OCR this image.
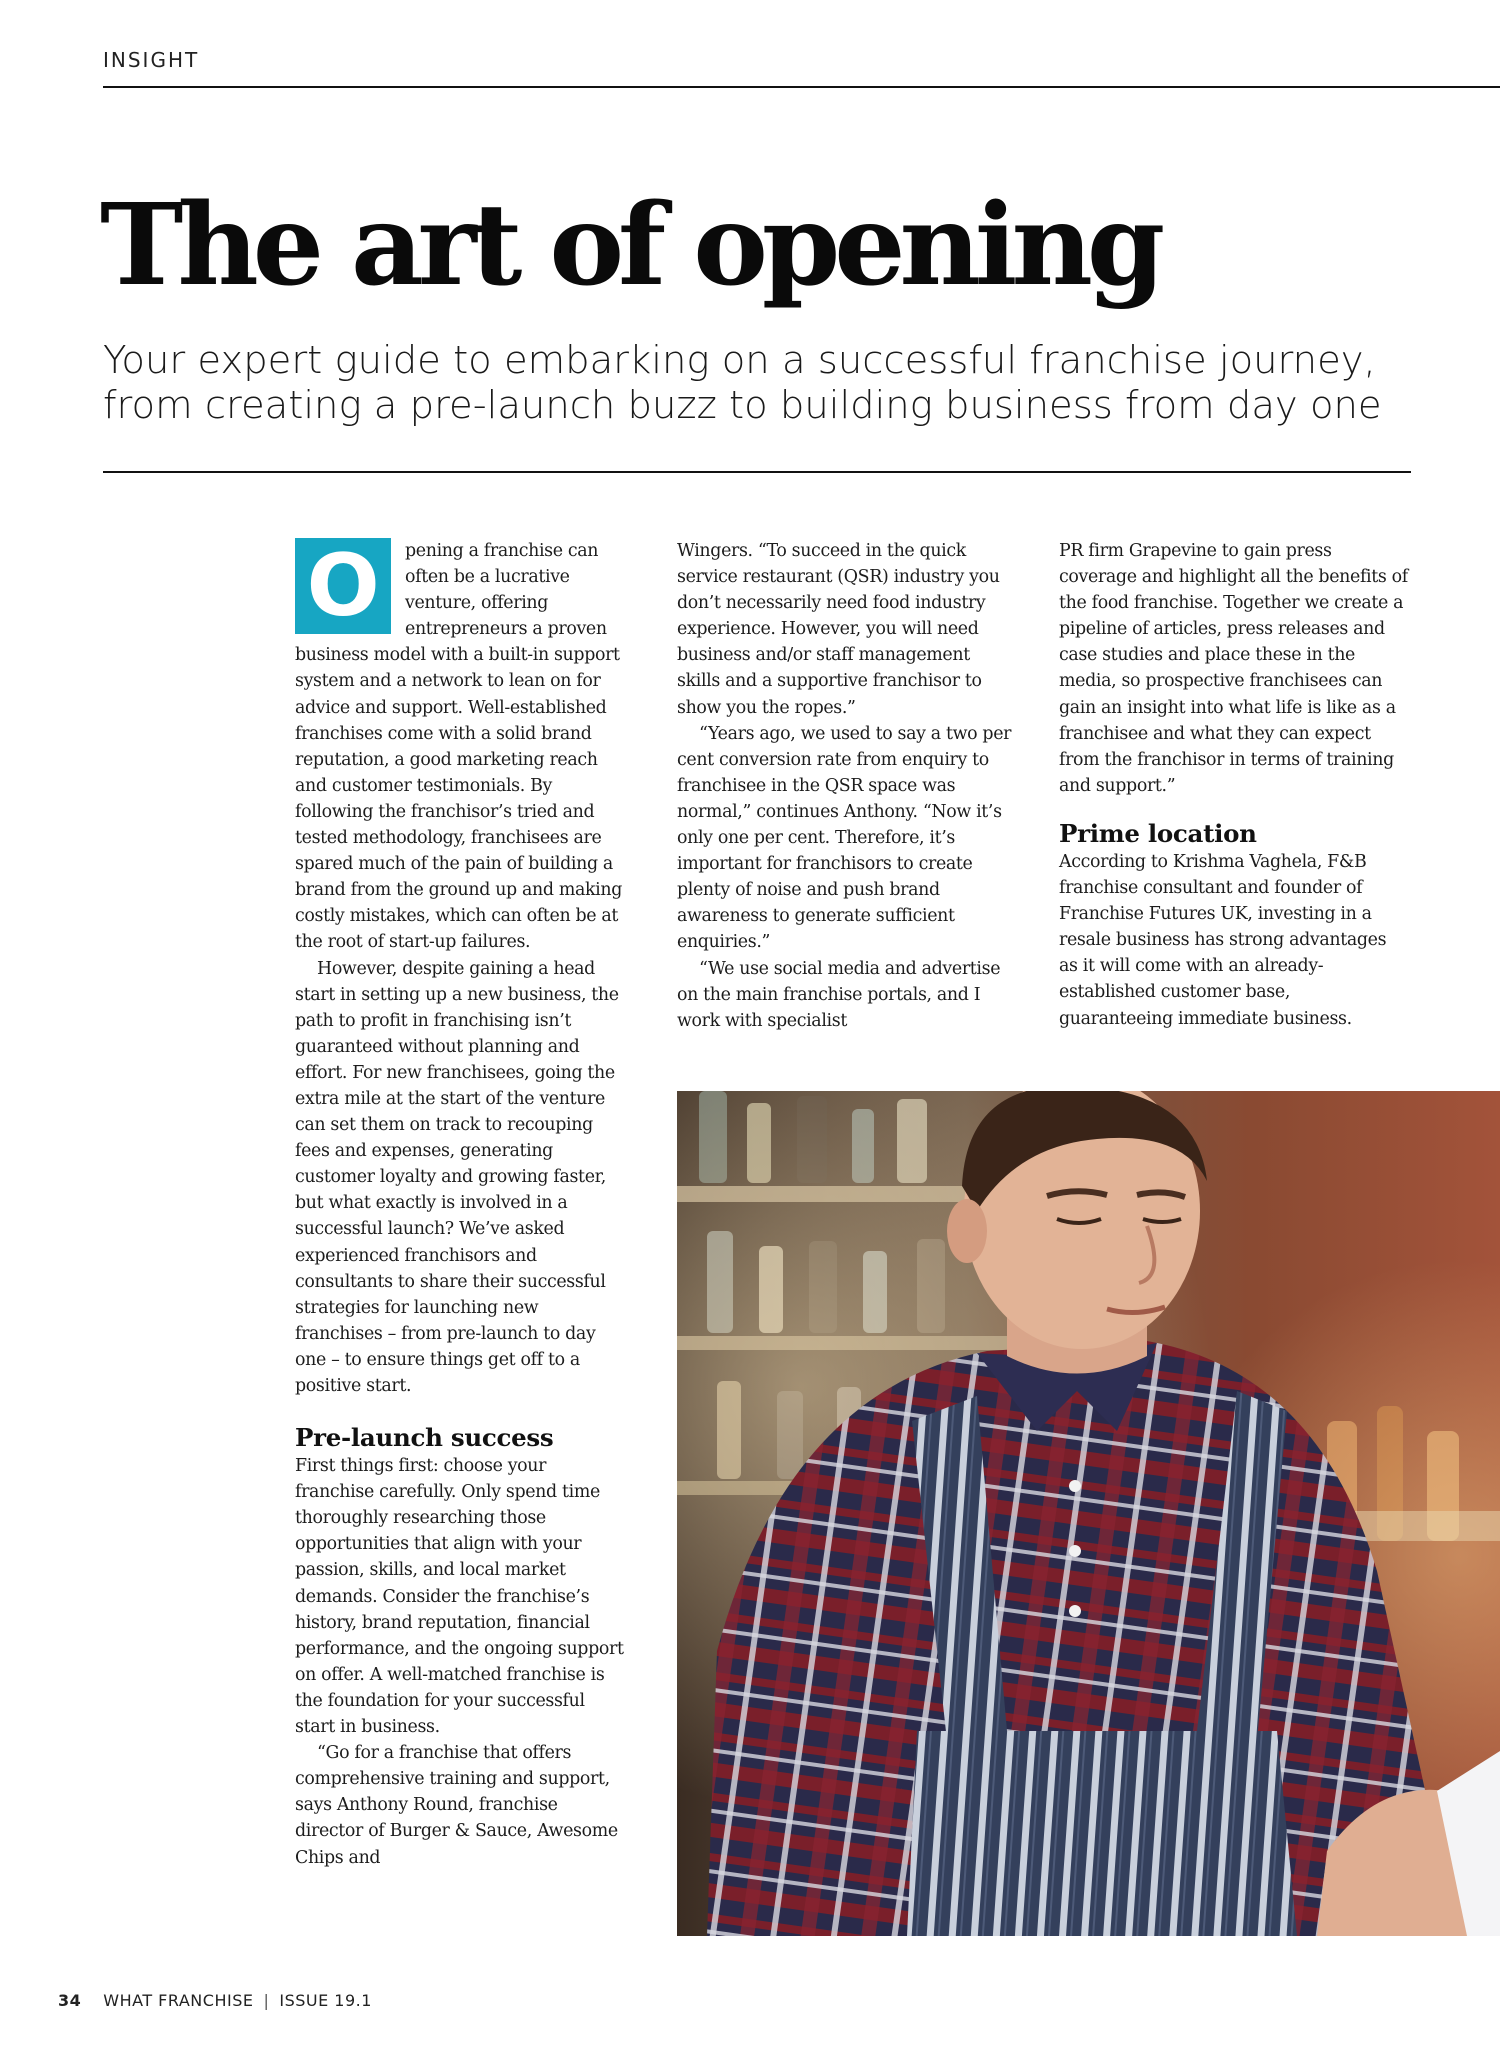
INSIGHT
The art of opening

Your expert guide to embarking on a successful franchise journey, from creating a pre-launch buzz to building business from day one

O	pening a franchise can often be a lucrative venture, offering entrepreneurs a proven business model with a built-in support system and a network to lean on for advice and support. Well-established franchises come with a solid brand reputation, a good marketing reach and customer testimonials. By following the franchisor’s tried and tested methodology, franchisees are spared much of the pain of building a brand from the ground up and making costly mistakes, which can often be at the root of start-up failures.

However, despite gaining a head start in setting up a new business, the path to profit in franchising isn’t guaranteed without planning and effort. For new franchisees, going the extra mile at the start of the venture can set them on track to recouping fees and expenses, generating customer loyalty and growing faster, but what exactly is involved in a successful launch? We’ve asked experienced franchisors and consultants to share their successful strategies for launching new franchises – from pre-launch to day one – to ensure things get off to a positive start.

Pre-launch success

First things first: choose your franchise carefully. Only spend time thoroughly researching those opportunities that align with your passion, skills, and local market demands. Consider the franchise’s history, brand reputation, financial performance, and the ongoing support on offer. A well-matched franchise is the foundation for your successful start in business.

“Go for a franchise that offers comprehensive training and support, says Anthony Round, franchise director of Burger & Sauce, Awesome Chips and

Wingers. “To succeed in the quick service restaurant (QSR) industry you don’t necessarily need food industry experience. However, you will need business and/or staff management skills and a supportive franchisor to show you the ropes.”

“Years ago, we used to say a two per cent conversion rate from enquiry to franchisee in the QSR space was normal,” continues Anthony. “Now it’s only one per cent. Therefore, it’s important for franchisors to create plenty of noise and push brand awareness to generate sufficient enquiries.”

“We use social media and advertise on the main franchise portals, and I work with specialist

PR firm Grapevine to gain press coverage and highlight all the benefits of the food franchise. Together we create a pipeline of articles, press releases and case studies and place these in the media, so prospective franchisees can gain an insight into what life is like as a franchisee and what they can expect from the franchisor in terms of training and support.”

Prime location

According to Krishma Vaghela, F&B franchise consultant and founder of Franchise Futures UK, investing in a resale business has strong advantages as it will come with an already-established customer base, guaranteeing immediate business.

34 WHAT FRANCHISE | ISSUE 19.1
